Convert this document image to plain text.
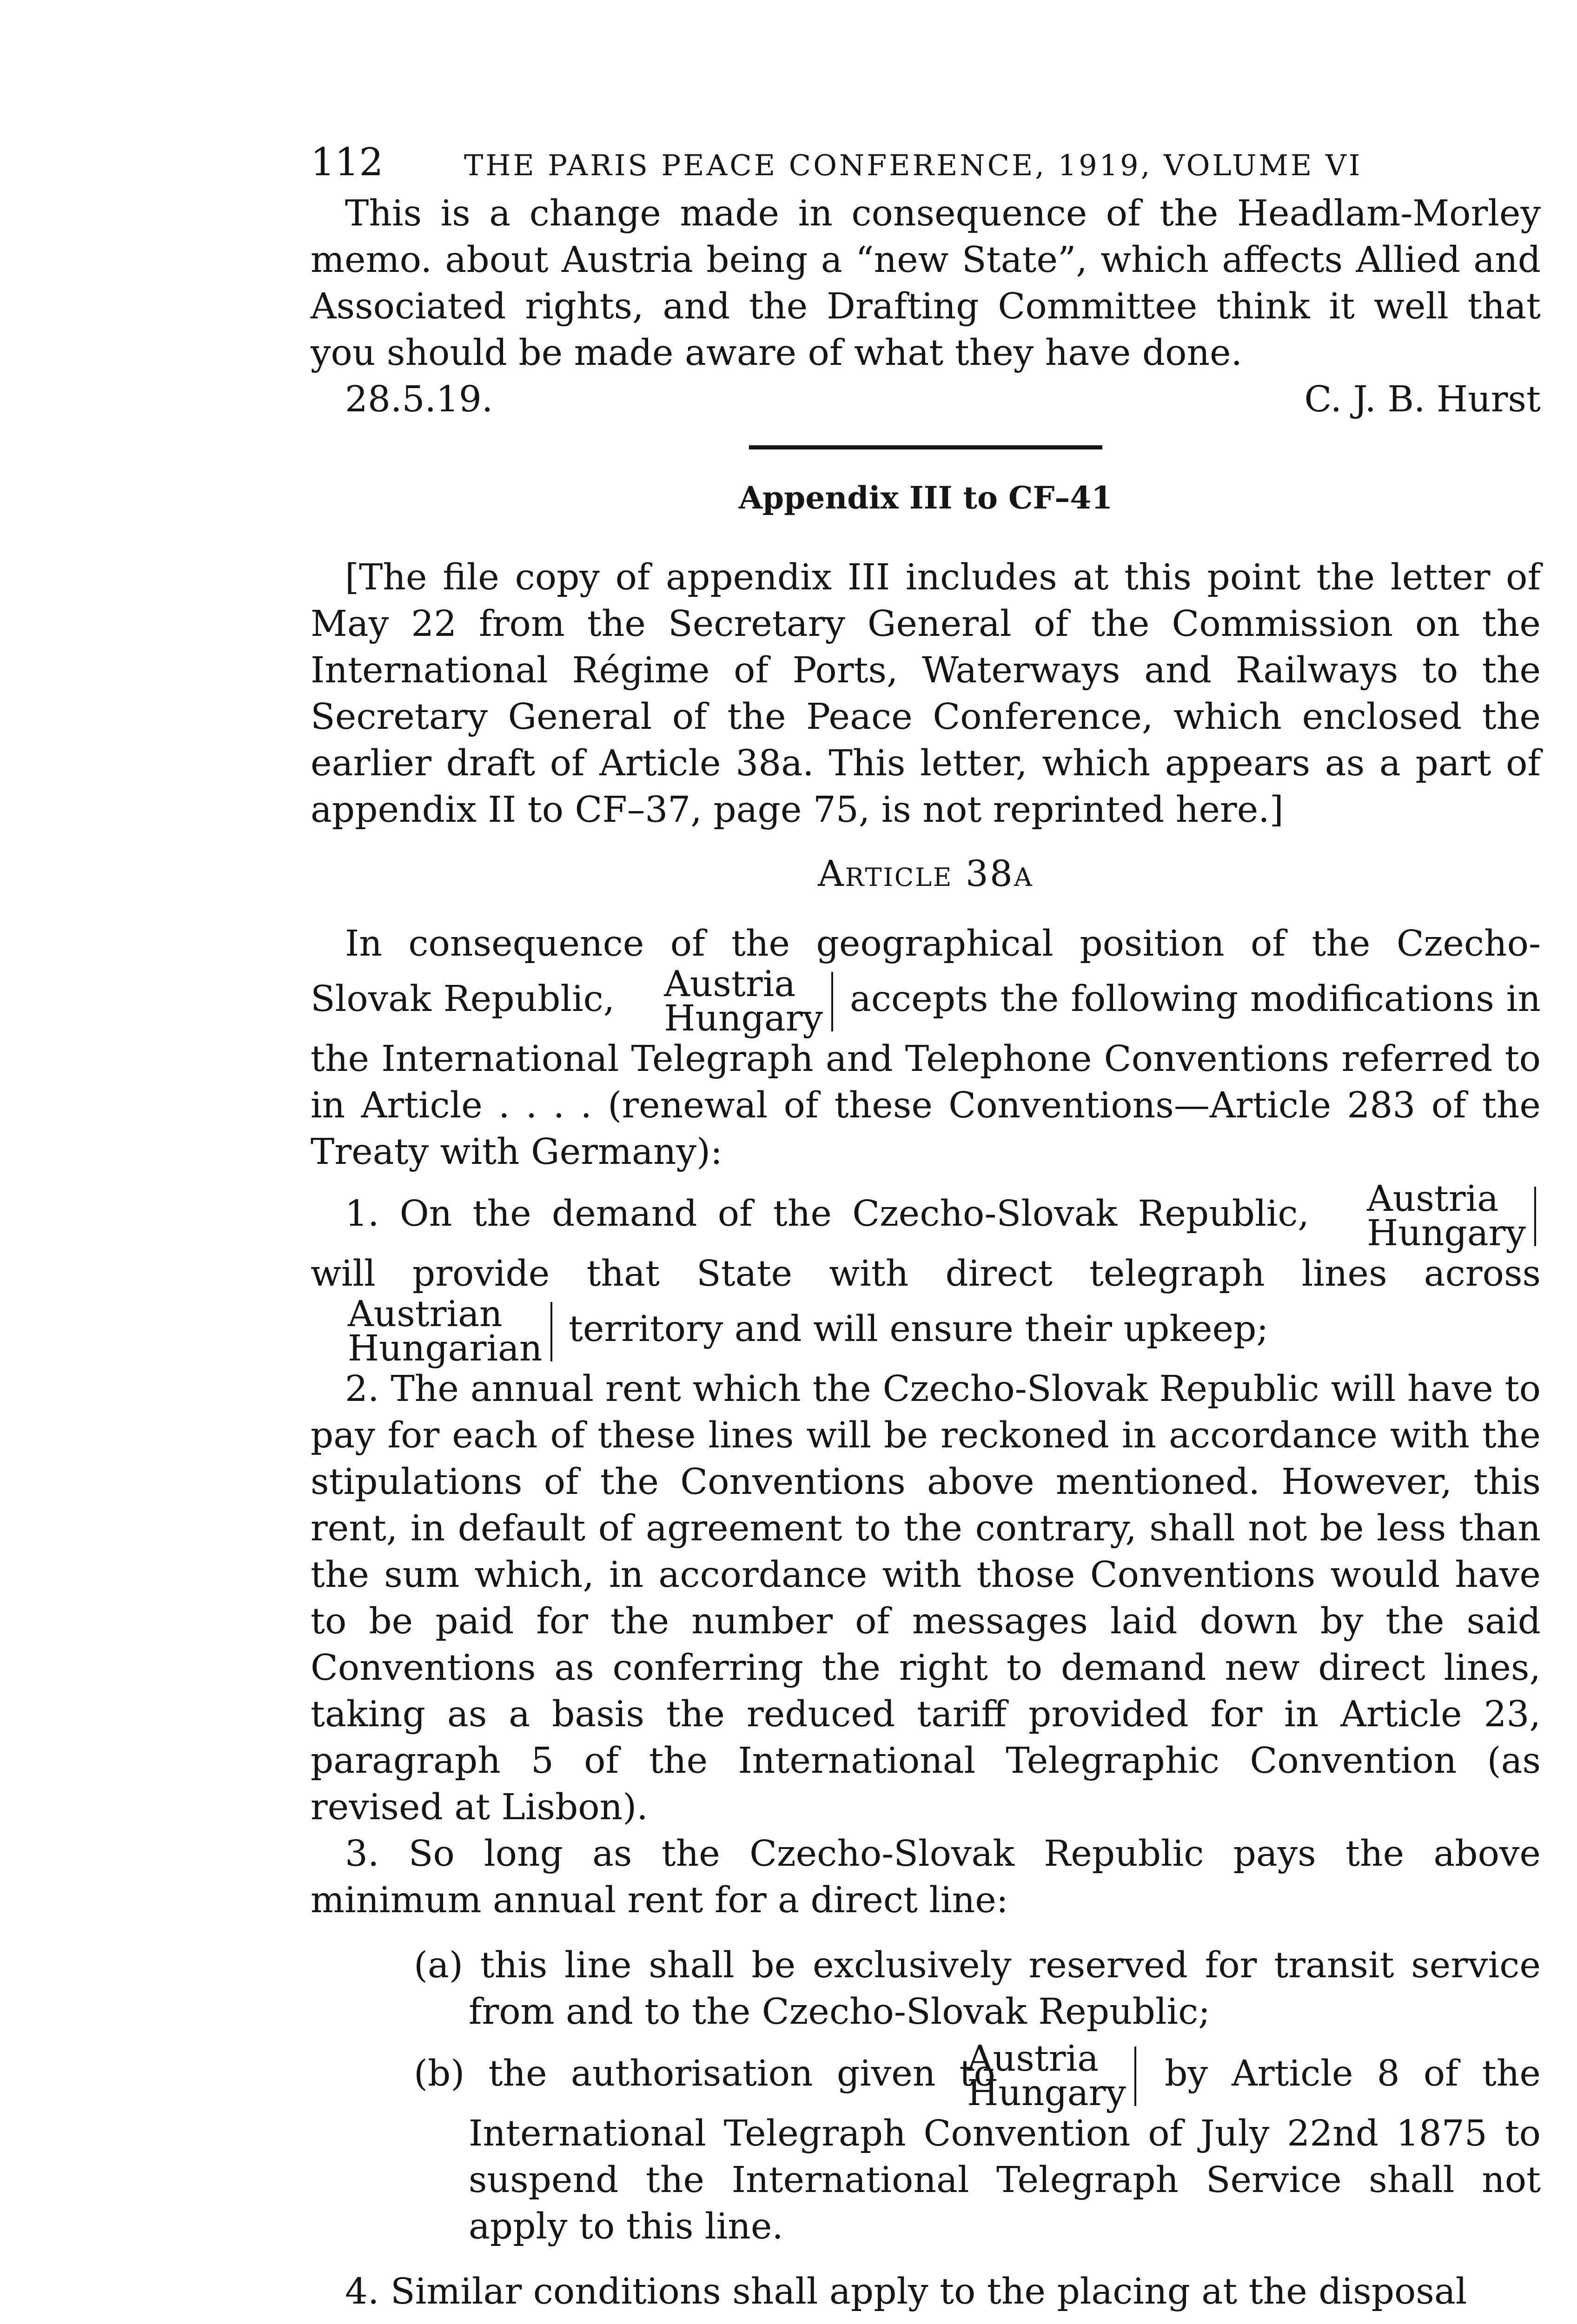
112	THE PARIS PEACE CONFERENCE, 1919, VOLUME VI

This is a change made in consequence of the Headlam-Morley memo. about Austria being a “new State”, which affects Allied and Associated rights, and the Drafting Committee think it well that you should be made aware of what they have done.

28.5.19.	C. J. B. Hurst
Appendix III to CF–41

[The file copy of appendix III includes at this point the letter of May 22 from the Secretary General of the Commission on the International Régime of Ports, Waterways and Railways to the Secretary General of the Peace Conference, which enclosed the earlier draft of Article 38a. This letter, which appears as a part of appendix II to CF–37, page 75, is not reprinted here.]

Article 38a

In consequence of the geographical position of the Czecho-Slovak Republic,	Austria
Hungary accepts the following modifications in the International Telegraph and Telephone Conventions referred to in Article . . . . (renewal of these Conventions—Article 283 of the Treaty with Germany):

1. On the demand of the Czecho-Slovak Republic,	Austria
Hungary
will provide that State with direct telegraph lines across
Austrian
Hungarian territory and will ensure their upkeep;

2. The annual rent which the Czecho-Slovak Republic will have to pay for each of these lines will be reckoned in accordance with the stipulations of the Conventions above mentioned. However, this rent, in default of agreement to the contrary, shall not be less than the sum which, in accordance with those Conventions would have to be paid for the number of messages laid down by the said Conventions as conferring the right to demand new direct lines, taking as a basis the reduced tariff provided for in Article 23, paragraph 5 of the International Telegraphic Convention (as revised at Lisbon).

3. So long as the Czecho-Slovak Republic pays the above minimum annual rent for a direct line:

(a) this line shall be exclusively reserved for transit service from and to the Czecho-Slovak Republic;

(b) the authorisation given to
Austria
Hungary by Article 8 of the International Telegraph Convention of July 22nd 1875 to suspend the International Telegraph Service shall not apply to this line.

4. Similar conditions shall apply to the placing at the disposal
